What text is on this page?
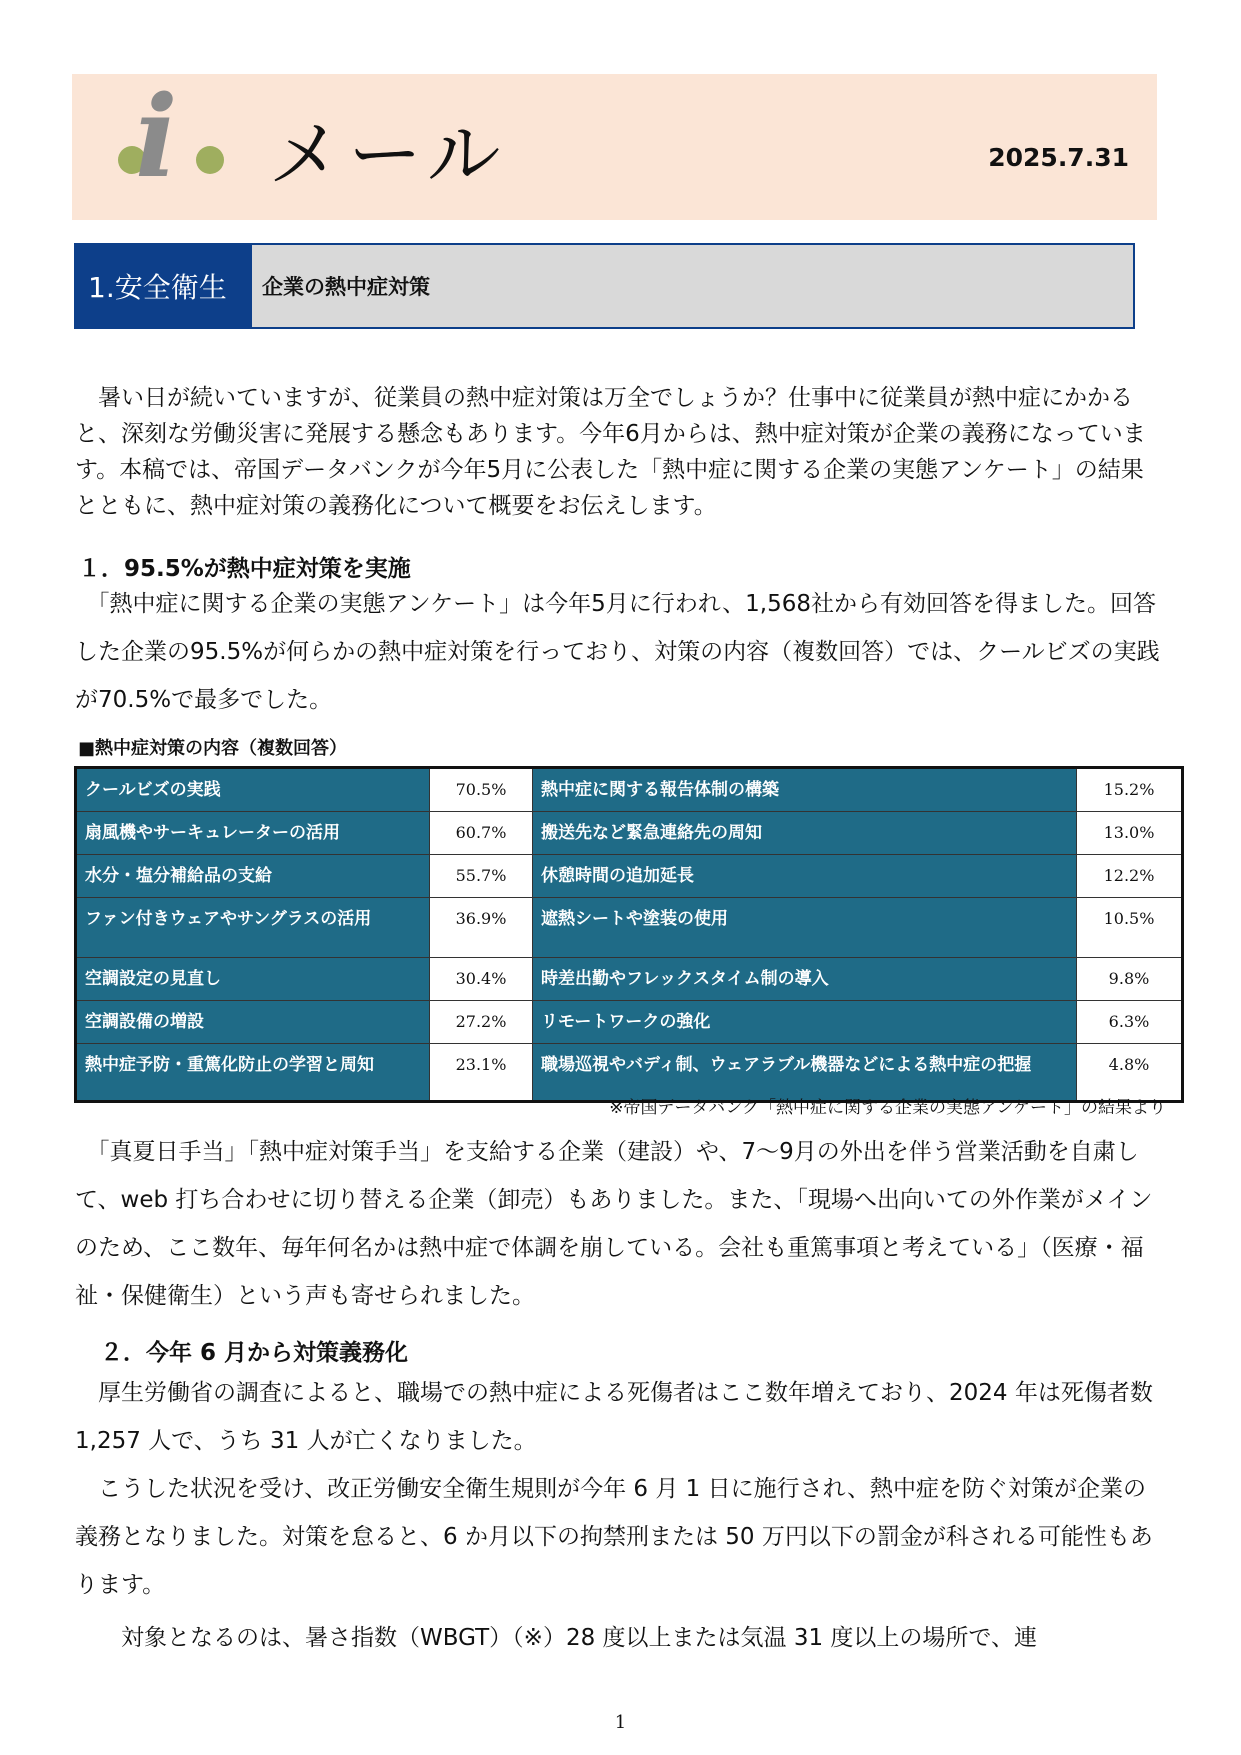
i メール	2025.7.31
1.安全衛生	企業の熱中症対策

　暑い日が続いていますが、従業員の熱中症対策は万全でしょうか？仕事中に従業員が熱中症にかかると、深刻な労働災害に発展する懸念もあります。今年6月からは、熱中症対策が企業の義務になっています。本稿では、帝国データバンクが今年5月に公表した「熱中症に関する企業の実態アンケート」の結果とともに、熱中症対策の義務化について概要をお伝えします。

１．95.5%が熱中症対策を実施

　「熱中症に関する企業の実態アンケート」は今年5月に行われ、1,568社から有効回答を得ました。回答した企業の95.5%が何らかの熱中症対策を行っており、対策の内容（複数回答）では、クールビズの実践が70.5%で最多でした。

■熱中症対策の内容（複数回答）

クールビズの実践	70.5%	熱中症に関する報告体制の構築	15.2%
扇風機やサーキュレーターの活用	60.7%	搬送先など緊急連絡先の周知	13.0%
水分・塩分補給品の支給	55.7%	休憩時間の追加延長	12.2%
ファン付きウェアやサングラスの活用	36.9%	遮熱シートや塗装の使用	10.5%
空調設定の見直し	30.4%	時差出勤やフレックスタイム制の導入	9.8%
空調設備の増設	27.2%	リモートワークの強化	6.3%
熱中症予防・重篤化防止の学習と周知	23.1%	職場巡視やバディ制、ウェアラブル機器などによる熱中症の把握	4.8%

※帝国データバンク「熱中症に関する企業の実態アンケート」の結果より

　「真夏日手当」「熱中症対策手当」を支給する企業（建設）や、7〜9月の外出を伴う営業活動を自粛して、web 打ち合わせに切り替える企業（卸売）もありました。また、「現場へ出向いての外作業がメインのため、ここ数年、毎年何名かは熱中症で体調を崩している。会社も重篤事項と考えている」（医療・福祉・保健衛生）という声も寄せられました。

２．今年 6 月から対策義務化

　厚生労働省の調査によると、職場での熱中症による死傷者はここ数年増えており、2024 年は死傷者数 1,257 人で、うち 31 人が亡くなりました。

　こうした状況を受け、改正労働安全衛生規則が今年 6 月 1 日に施行され、熱中症を防ぐ対策が企業の義務となりました。対策を怠ると、6 か月以下の拘禁刑または 50 万円以下の罰金が科される可能性もあります。

　　対象となるのは、暑さ指数（WBGT）（※）28 度以上または気温 31 度以上の場所で、連

1
